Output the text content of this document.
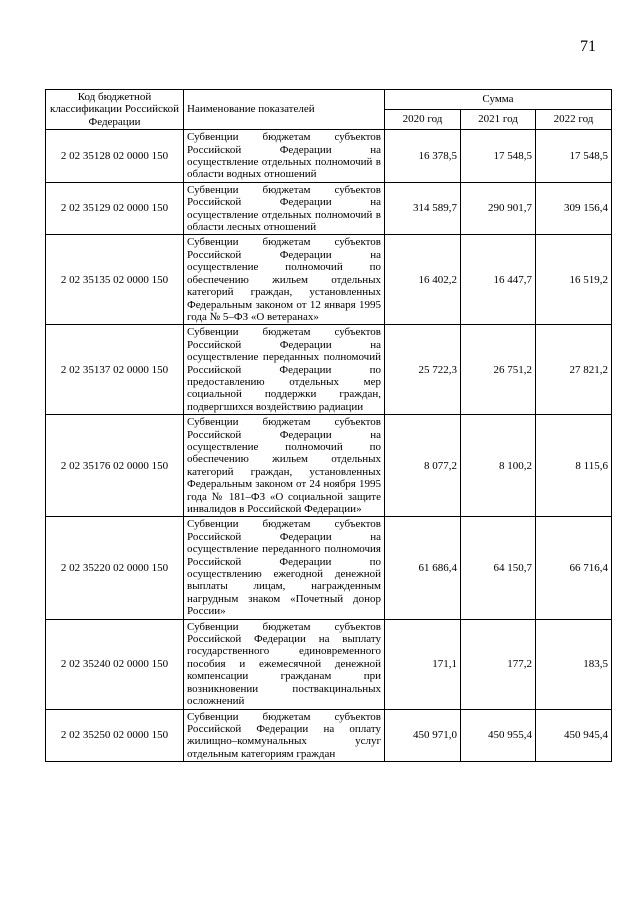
71
Код бюджетной классификации Российской Федерации	Наименование показателей	Сумма		
		2020 год	2021 год	2022 год
2 02 35128 02 0000 150	Субвенции бюджетам субъектов Российской Федерации на осуществление отдельных полномочий в области водных отношений	16 378,5	17 548,5	17 548,5
2 02 35129 02 0000 150	Субвенции бюджетам субъектов Российской Федерации на осуществление отдельных полномочий в области лесных отношений	314 589,7	290 901,7	309 156,4
2 02 35135 02 0000 150	Субвенции бюджетам субъектов Российской Федерации на осуществление полномочий по обеспечению жильем отдельных категорий граждан, установленных Федеральным законом от 12 января 1995 года № 5–ФЗ «О ветеранах»	16 402,2	16 447,7	16 519,2
2 02 35137 02 0000 150	Субвенции бюджетам субъектов Российской Федерации на осуществление переданных полномочий Российской Федерации по предоставлению отдельных мер социальной поддержки граждан, подвергшихся воздействию радиации	25 722,3	26 751,2	27 821,2
2 02 35176 02 0000 150	Субвенции бюджетам субъектов Российской Федерации на осуществление полномочий по обеспечению жильем отдельных категорий граждан, установленных Федеральным законом от 24 ноября 1995 года № 181–ФЗ «О социальной защите инвалидов в Российской Федерации»	8 077,2	8 100,2	8 115,6
2 02 35220 02 0000 150	Субвенции бюджетам субъектов Российской Федерации на осуществление переданного полномочия Российской Федерации по осуществлению ежегодной денежной выплаты лицам, награжденным нагрудным знаком «Почетный донор России»	61 686,4	64 150,7	66 716,4
2 02 35240 02 0000 150	Субвенции бюджетам субъектов Российской Федерации на выплату государственного единовременного пособия и ежемесячной денежной компенсации гражданам при возникновении поствакцинальных осложнений	171,1	177,2	183,5
2 02 35250 02 0000 150	Субвенции бюджетам субъектов Российской Федерации на оплату жилищно–коммунальных услуг отдельным категориям граждан	450 971,0	450 955,4	450 945,4
